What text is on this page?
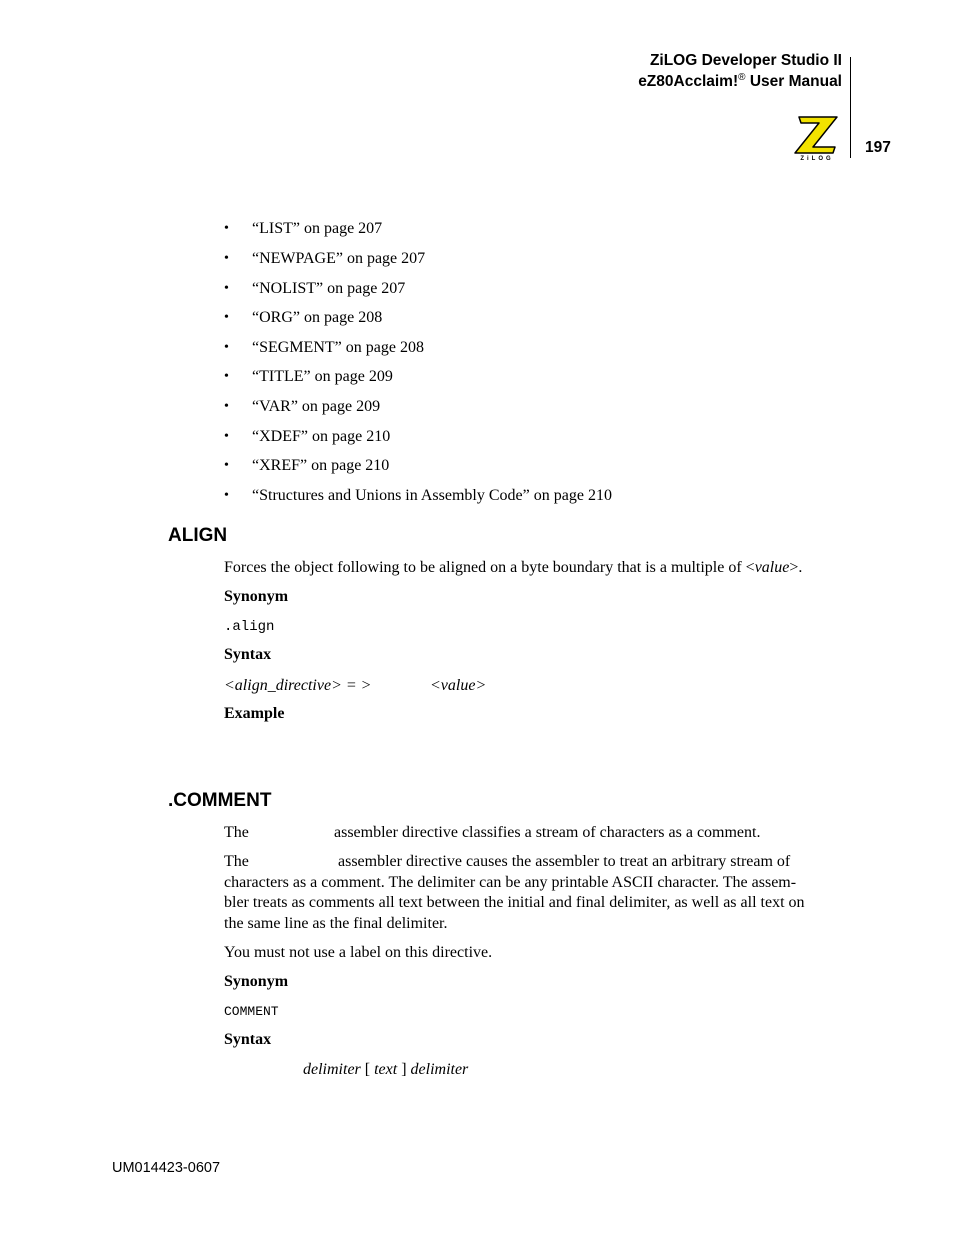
ZiLOG Developer Studio II
eZ80Acclaim!® User Manual
ZiLOG
197
• “LIST” on page 207
• “NEWPAGE” on page 207
• “NOLIST” on page 207
• “ORG” on page 208
• “SEGMENT” on page 208
• “TITLE” on page 209
• “VAR” on page 209
• “XDEF” on page 210
• “XREF” on page 210
• “Structures and Unions in Assembly Code” on page 210
ALIGN
Forces the object following to be aligned on a byte boundary that is a multiple of <value>.
Synonym
.align
Syntax
<align_directive> = >	<value>
Example
.COMMENT
The	assembler directive classifies a stream of characters as a comment.
The	assembler directive causes the assembler to treat an arbitrary stream of
characters as a comment. The delimiter can be any printable ASCII character. The assem-
bler treats as comments all text between the initial and final delimiter, as well as all text on
the same line as the final delimiter.
You must not use a label on this directive.
Synonym
COMMENT
Syntax
delimiter [ text ] delimiter
UM014423-0607
